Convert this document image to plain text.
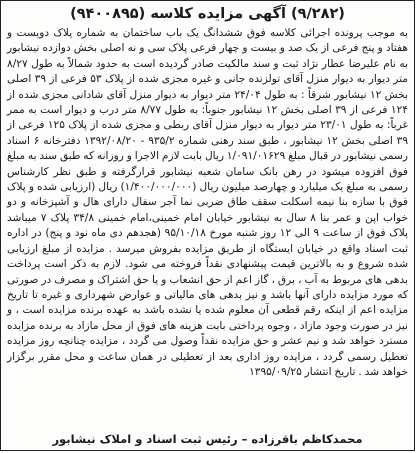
(۹/۲۸۲) آگهی مزایده کلاسه (۹۴۰۰۸۹۵)
به موجب پرونده اجرائی کلاسه فوق ششدانگ یک باب ساختمان به شماره پلاک دویست و هفتاد و پنج فرعی از یک صد و بیست و چهار فرعی پلاک سی و نه اصلی بخش دوازده نیشابور به نام علیرضا عطار نژاد ثبت و سند مالکیت صادر گردیده است به حدود شمالاً به طول ۸/۲۷ متر دیوار به دیوار منزل آقای تولزنده جانی و غیره مجزی شده از پلاک ۵۳ فرعی از ۳۹ اصلی بخش ۱۲ نیشابور شرقاً : به طول ۲۴/۰۴ متر دیوار به دیوار منزل آقای شادانی مجزی شده از ۱۲۴ فرعی از ۳۹ اصلی بخش ۱۲ نیشابور جنوباً: به طول ۸/۷۷ متر درب و دیوار است به ممر غرباً: به طول ۲۳/۰۱ متر دیوار به دیوار منزل آقای ربطی و مجزی شده از پلاک ۱۲۵ فرعی از ۳۹ اصلی بخش ۱۲ نیشابور ، طبق سند رهنی شماره ۹۳۵/۲ - ۱۳۹۲/۰۸/۲۰ دفترخانه ۶ اسناد رسمی نیشابور در قبال مبلغ ۱/۰۹۱/۰۱۶۲۹ ریال بابت لازم الاجرا و روزانه که طبق سند به مبلغ فوق افزوده میشود در رهن بانک سامان شعبه نیشابور قرارگرفته و طبق نظر کارشناس رسمی به مبلغ یک میلیارد و چهارصد میلیون ریال (۱/۴۰۰/۰۰۰/۰۰۰) ریال (ارزیابی شده و پلاک فوق با سازه بنا نیمه اسکلت سقف طاق ضربی نما آجر سفال دارای هال و آشپزخانه و دو خواب اپن و عمر بنا ۸ سال به نیشابور خیابان امام خمینی،امام خمینی ۳۴/۸ پلاک ۷ میباشد پلاک فوق از ساعت ۹ الی ۱۲ روز شنبه مورخ ۹۵/۱۰/۱۸ (هجدهم دی ماه نود و پنج) در اداره ثبت اسناد واقع در خیابان ایستگاه از طریق مزایده بفروش میرسد . مزایده از مبلغ ارزیابی شده شروع و به بالاترین قیمت پیشنهادی نقداً فروخته می شود. لازم به ذکر است پرداخت بدهی های مربوط به آب ، برق ، گاز اعم از حق انشعاب و یا حق اشتراک و مصرف در صورتی که مورد مزایده دارای آنها باشد و نیز بدهی های مالیاتی و عوارض شهرداری و غیره تا تاریخ مزایده اعم از اینکه رقم قطعی آن معلوم شده یا نشده باشد به عهده برنده مزایده است ، و نیز در صورت وجود مازاد ، وجوه پرداختی بابت هزینه های فوق از محل مازاد به برنده مزایده مسترد خواهد شد و نیم عشر و حق مزایده نقداً وصول می گردد ، مزایده چنانچه روز مزایده تعطیل رسمی گردد ، مزایده روز اداری بعد از تعطیلی در همان ساعت و محل مقرر برگزار خواهد شد . تاریخ انتشار ۱۳۹۵/۰۹/۲۵
محمدکاظم باقرزاده – رئیس ثبت اسناد و املاک نیشابور
